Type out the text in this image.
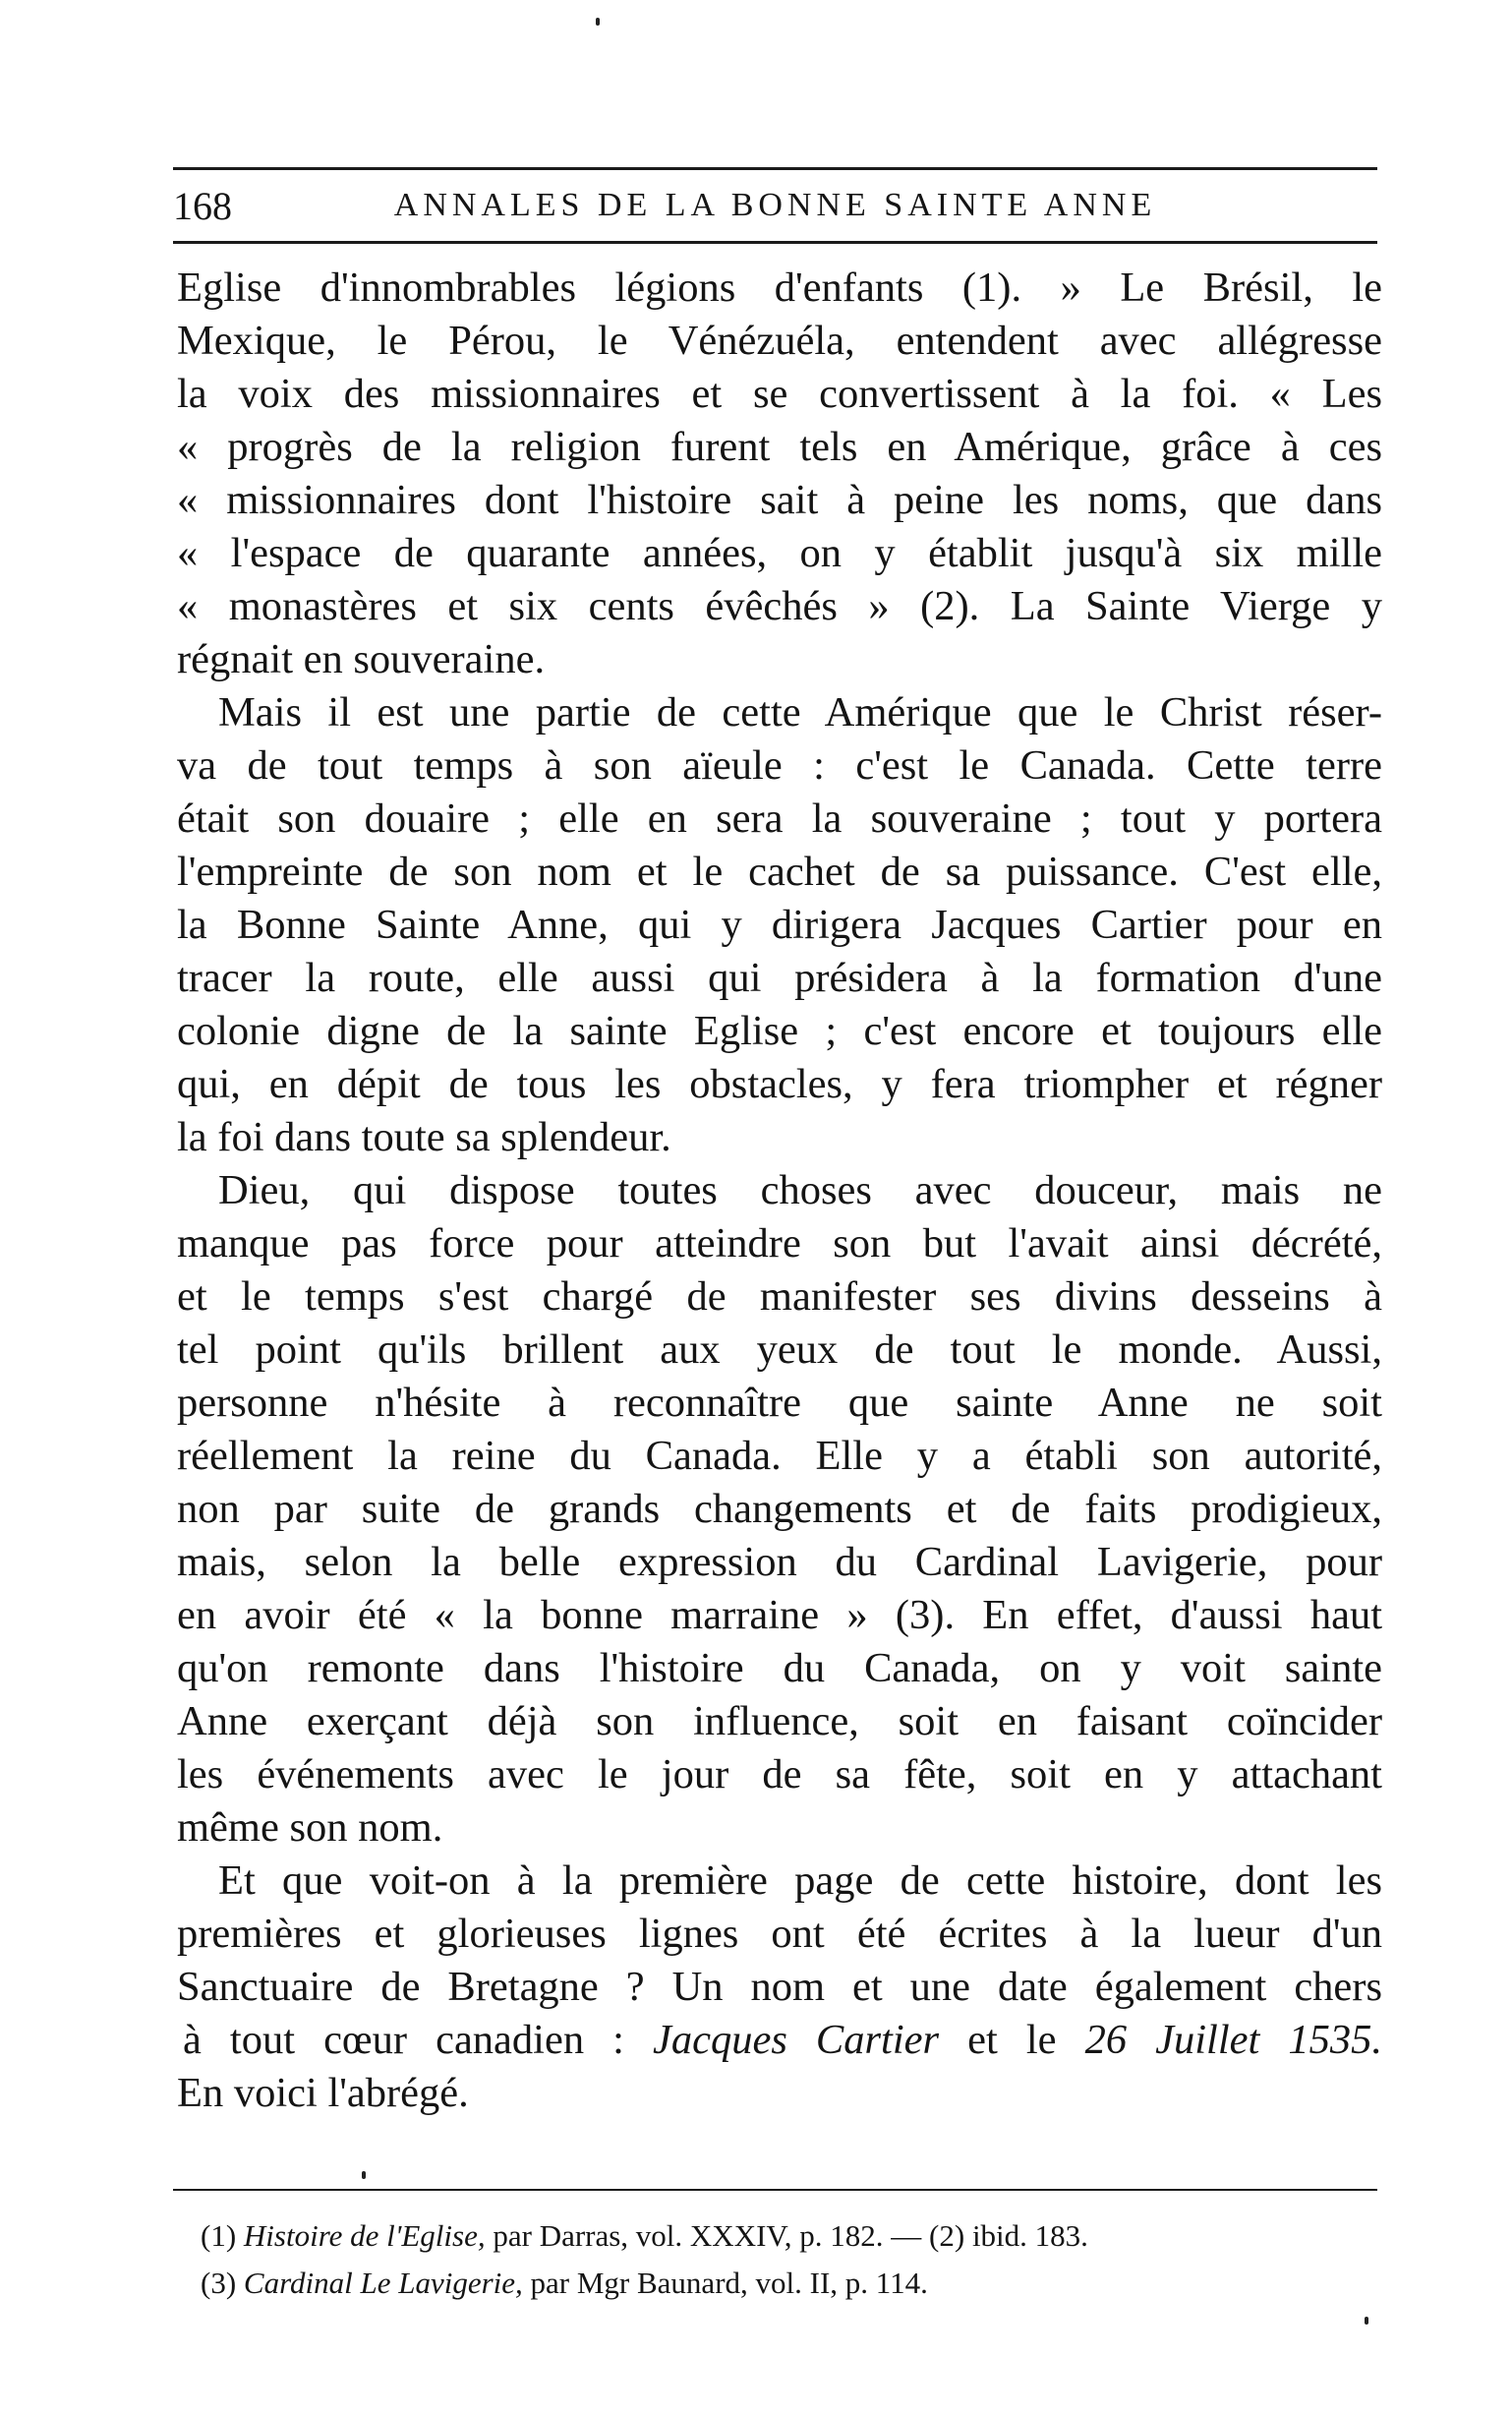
168	ANNALES DE LA BONNE SAINTE ANNE
Eglise d'innombrables légions d'enfants (1). » Le Brésil, le
Mexique, le Pérou, le Vénézuéla, entendent avec allégresse
la voix des missionnaires et se convertissent à la foi. « Les
« progrès de la religion furent tels en Amérique, grâce à ces
« missionnaires dont l'histoire sait à peine les noms, que dans
« l'espace de quarante années, on y établit jusqu'à six mille
« monastères et six cents évêchés » (2). La Sainte Vierge y
régnait en souveraine.
Mais il est une partie de cette Amérique que le Christ réser-
va de tout temps à son aïeule : c'est le Canada. Cette terre
était son douaire ; elle en sera la souveraine ; tout y portera
l'empreinte de son nom et le cachet de sa puissance. C'est elle,
la Bonne Sainte Anne, qui y dirigera Jacques Cartier pour en
tracer la route, elle aussi qui présidera à la formation d'une
colonie digne de la sainte Eglise ; c'est encore et toujours elle
qui, en dépit de tous les obstacles, y fera triompher et régner
la foi dans toute sa splendeur.
Dieu, qui dispose toutes choses avec douceur, mais ne
manque pas force pour atteindre son but l'avait ainsi décrété,
et le temps s'est chargé de manifester ses divins desseins à
tel point qu'ils brillent aux yeux de tout le monde. Aussi,
personne n'hésite à reconnaître que sainte Anne ne soit
réellement la reine du Canada. Elle y a établi son autorité,
non par suite de grands changements et de faits prodigieux,
mais, selon la belle expression du Cardinal Lavigerie, pour
en avoir été « la bonne marraine » (3). En effet, d'aussi haut
qu'on remonte dans l'histoire du Canada, on y voit sainte
Anne exerçant déjà son influence, soit en faisant coïncider
les événements avec le jour de sa fête, soit en y attachant
même son nom.
Et que voit-on à la première page de cette histoire, dont les
premières et glorieuses lignes ont été écrites à la lueur d'un
Sanctuaire de Bretagne ? Un nom et une date également chers
à tout cœur canadien : Jacques Cartier et le 26 Juillet 1535.
En voici l'abrégé.
(1) Histoire de l'Eglise, par Darras, vol. XXXIV, p. 182. — (2) ibid. 183.
(3) Cardinal Le Lavigerie, par Mgr Baunard, vol. II, p. 114.
